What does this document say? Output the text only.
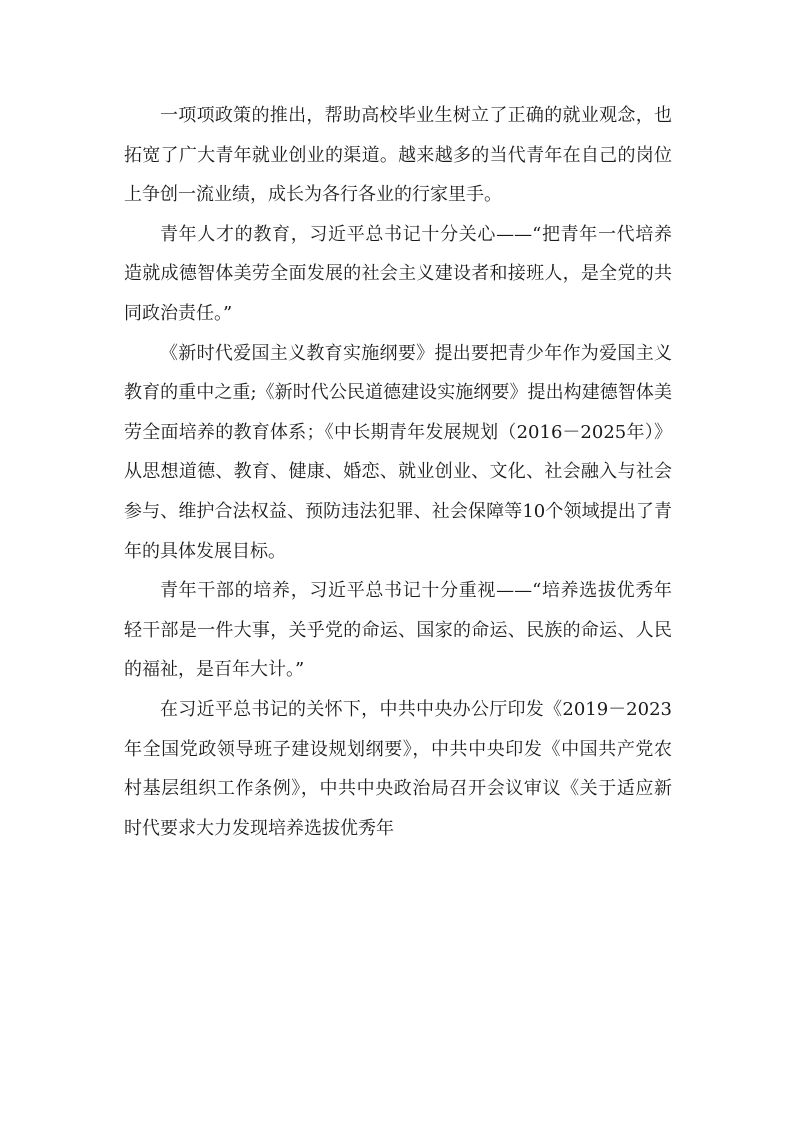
一项项政策的推出，帮助高校毕业生树立了正确的就业观念，也拓宽了广大青年就业创业的渠道。越来越多的当代青年在自己的岗位上争创一流业绩，成长为各行各业的行家里手。

青年人才的教育，习近平总书记十分关心——“把青年一代培养造就成德智体美劳全面发展的社会主义建设者和接班人，是全党的共同政治责任。”

《新时代爱国主义教育实施纲要》提出要把青少年作为爱国主义教育的重中之重;《新时代公民道德建设实施纲要》提出构建德智体美劳全面培养的教育体系；《中长期青年发展规划（2016－2025年）》从思想道德、教育、健康、婚恋、就业创业、文化、社会融入与社会参与、维护合法权益、预防违法犯罪、社会保障等10个领域提出了青年的具体发展目标。

青年干部的培养，习近平总书记十分重视——“培养选拔优秀年轻干部是一件大事，关乎党的命运、国家的命运、民族的命运、人民的福祉，是百年大计。”

在习近平总书记的关怀下，中共中央办公厅印发《2019－2023年全国党政领导班子建设规划纲要》，中共中央印发《中国共产党农村基层组织工作条例》，中共中央政治局召开会议审议《关于适应新时代要求大力发现培养选拔优秀年
